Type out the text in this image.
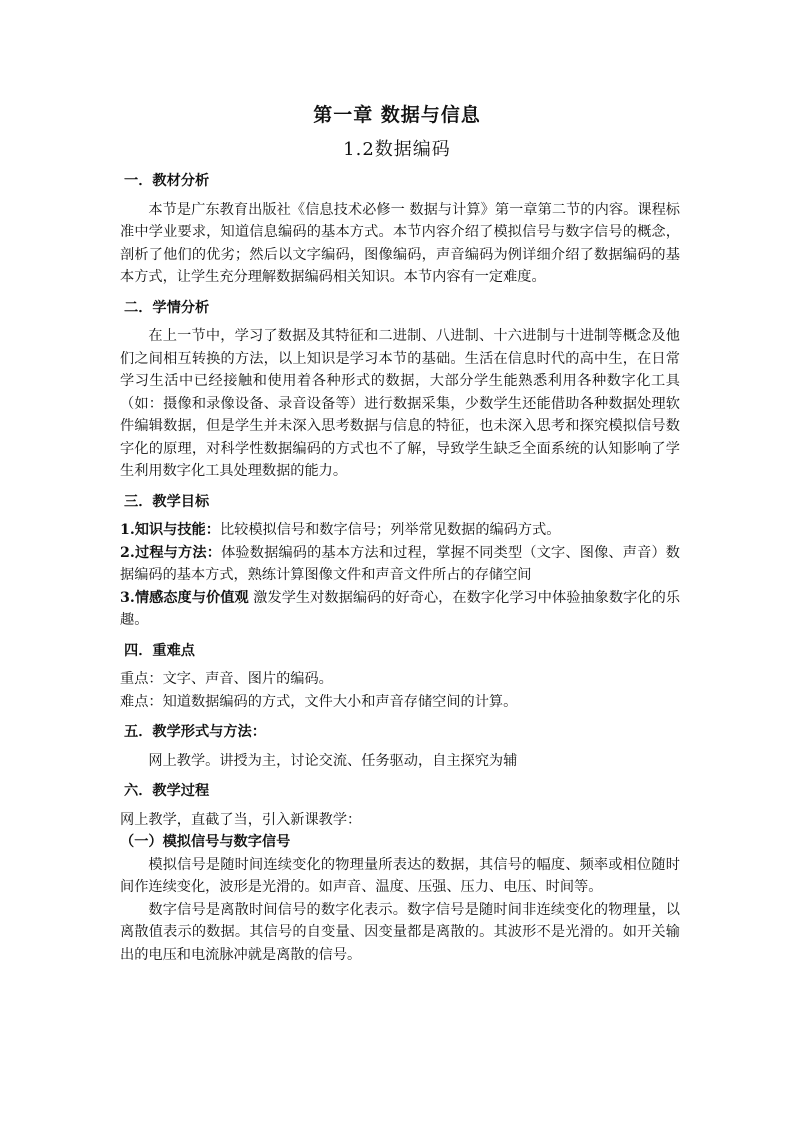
第一章 数据与信息
1.2数据编码

一．教材分析

本节是广东教育出版社《信息技术必修一 数据与计算》第一章第二节的内容。课程标准中学业要求，知道信息编码的基本方式。本节内容介绍了模拟信号与数字信号的概念，剖析了他们的优劣；然后以文字编码，图像编码，声音编码为例详细介绍了数据编码的基本方式，让学生充分理解数据编码相关知识。本节内容有一定难度。

二．学情分析

在上一节中，学习了数据及其特征和二进制、八进制、十六进制与十进制等概念及他们之间相互转换的方法，以上知识是学习本节的基础。生活在信息时代的高中生，在日常学习生活中已经接触和使用着各种形式的数据，大部分学生能熟悉利用各种数字化工具（如：摄像和录像设备、录音设备等）进行数据采集，少数学生还能借助各种数据处理软件编辑数据，但是学生并未深入思考数据与信息的特征，也未深入思考和探究模拟信号数字化的原理，对科学性数据编码的方式也不了解，导致学生缺乏全面系统的认知影响了学生利用数字化工具处理数据的能力。

三．教学目标

1.知识与技能：比较模拟信号和数字信号；列举常见数据的编码方式。

2.过程与方法：体验数据编码的基本方法和过程，掌握不同类型（文字、图像、声音）数据编码的基本方式，熟练计算图像文件和声音文件所占的存储空间

3.情感态度与价值观 激发学生对数据编码的好奇心，在数字化学习中体验抽象数字化的乐趣。

四．重难点

重点：文字、声音、图片的编码。

难点：知道数据编码的方式，文件大小和声音存储空间的计算。

五．教学形式与方法：

网上教学。讲授为主，讨论交流、任务驱动，自主探究为辅

六．教学过程

网上教学，直截了当，引入新课教学：

（一）模拟信号与数字信号

模拟信号是随时间连续变化的物理量所表达的数据，其信号的幅度、频率或相位随时间作连续变化，波形是光滑的。如声音、温度、压强、压力、电压、时间等。

数字信号是离散时间信号的数字化表示。数字信号是随时间非连续变化的物理量，以离散值表示的数据。其信号的自变量、因变量都是离散的。其波形不是光滑的。如开关输出的电压和电流脉冲就是离散的信号。
